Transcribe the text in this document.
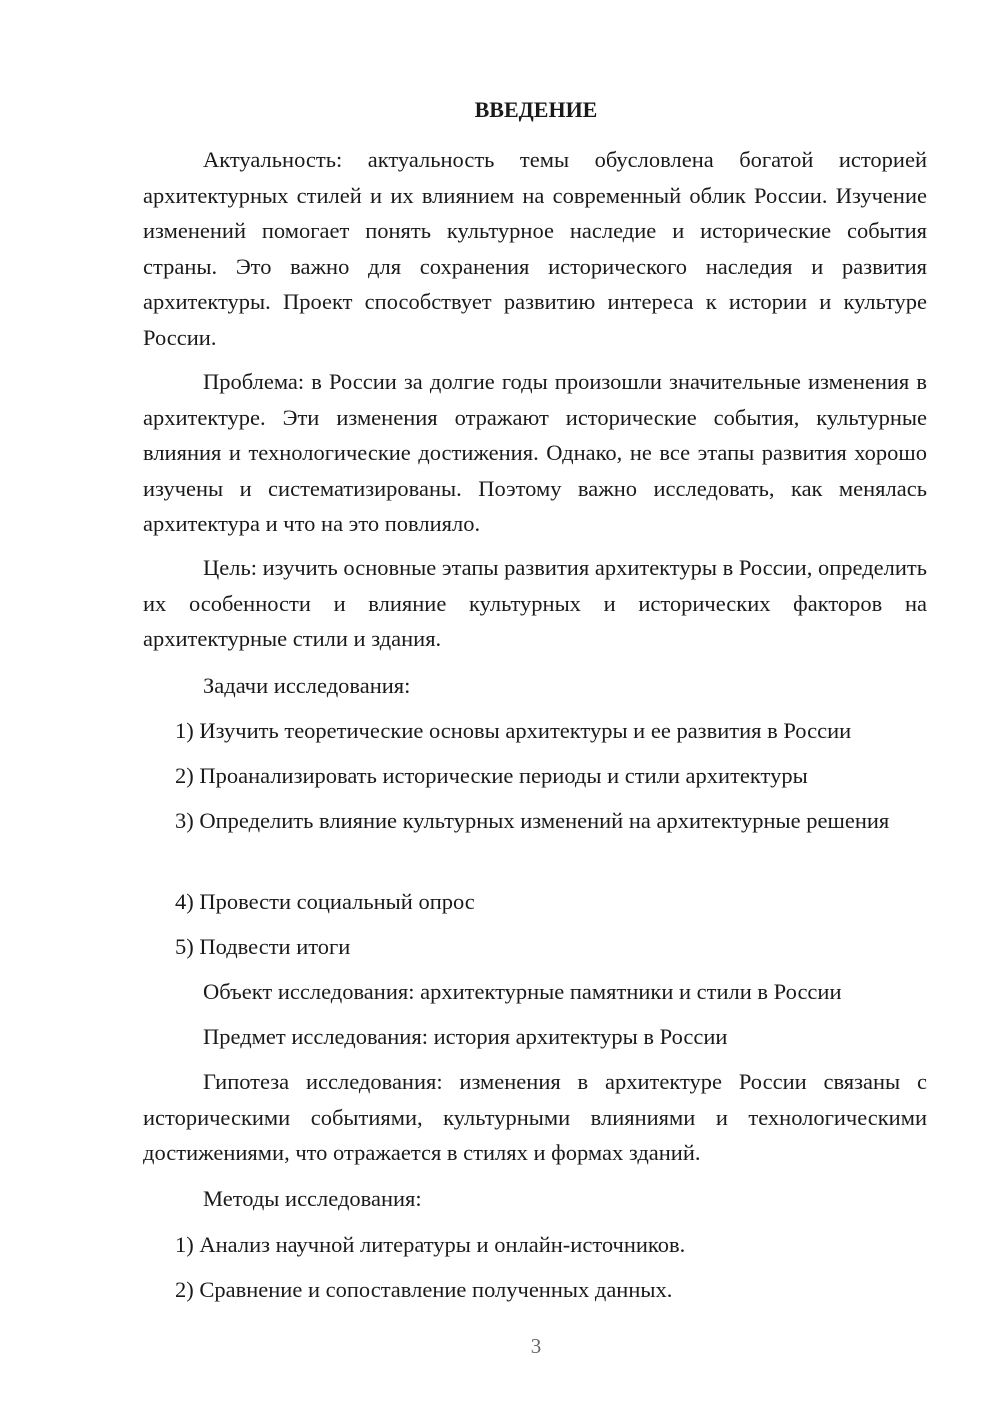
ВВЕДЕНИЕ

Актуальность: актуальность темы обусловлена богатой историей архитектурных стилей и их влиянием на современный облик России. Изучение изменений помогает понять культурное наследие и исторические события страны. Это важно для сохранения исторического наследия и развития архитектуры. Проект способствует развитию интереса к истории и культуре России.

Проблема: в России за долгие годы произошли значительные изменения в архитектуре. Эти изменения отражают исторические события, культурные влияния и технологические достижения. Однако, не все этапы развития хорошо изучены и систематизированы. Поэтому важно исследовать, как менялась архитектура и что на это повлияло.

Цель: изучить основные этапы развития архитектуры в России, определить их особенности и влияние культурных и исторических факторов на архитектурные стили и здания.

Задачи исследования:

1) Изучить теоретические основы архитектуры и ее развития в России

2) Проанализировать исторические периоды и стили архитектуры

3) Определить влияние культурных изменений на архитектурные решения

4) Провести социальный опрос

5) Подвести итоги

Объект исследования: архитектурные памятники и стили в России

Предмет исследования: история архитектуры в России

Гипотеза исследования: изменения в архитектуре России связаны с историческими событиями, культурными влияниями и технологическими достижениями, что отражается в стилях и формах зданий.

Методы исследования:

1) Анализ научной литературы и онлайн-источников.

2) Сравнение и сопоставление полученных данных.

3
